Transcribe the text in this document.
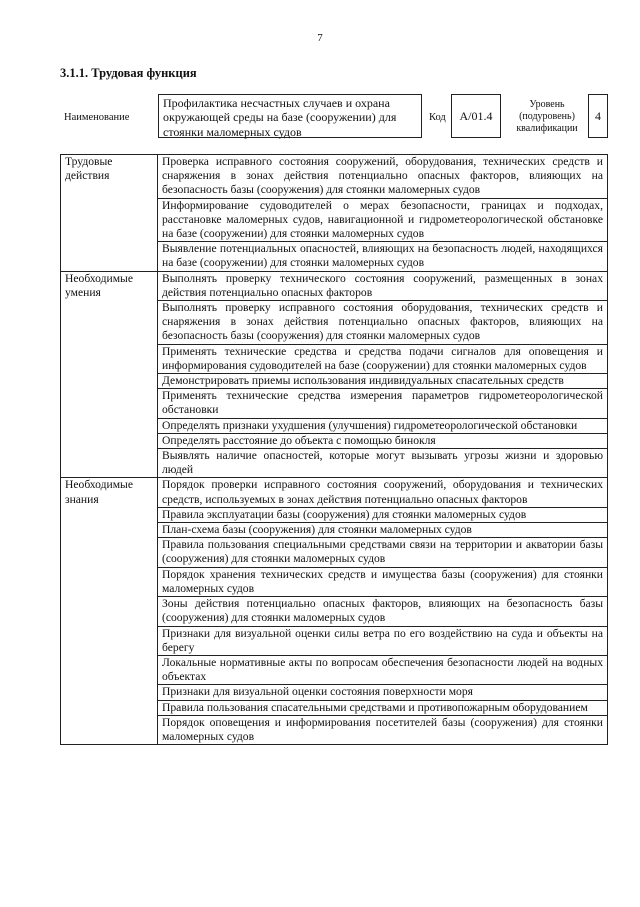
7
3.1.1. Трудовая функция
Наименование
Профилактика несчастных случаев и охрана окружающей среды на базе (сооружении) для стоянки маломерных судов
Код	А/01.4
Уровень (подуровень) квалификации
4
Трудовые действия	Проверка исправного состояния сооружений, оборудования, технических средств и снаряжения в зонах действия потенциально опасных факторов, влияющих на безопасность базы (сооружения) для стоянки маломерных судов
	Информирование судоводителей о мерах безопасности, границах и подходах, расстановке маломерных судов, навигационной и гидрометеорологической обстановке на базе (сооружении) для стоянки маломерных судов
	Выявление потенциальных опасностей, влияющих на безопасность людей, находящихся на базе (сооружении) для стоянки маломерных судов
Необходимые умения	Выполнять проверку технического состояния сооружений, размещенных в зонах действия потенциально опасных факторов
	Выполнять проверку исправного состояния оборудования, технических средств и снаряжения в зонах действия потенциально опасных факторов, влияющих на безопасность базы (сооружения) для стоянки маломерных судов
	Применять технические средства и средства подачи сигналов для оповещения и информирования судоводителей на базе (сооружении) для стоянки маломерных судов
	Демонстрировать приемы использования индивидуальных спасательных средств
	Применять технические средства измерения параметров гидрометеорологической обстановки
	Определять признаки ухудшения (улучшения) гидрометеорологической обстановки
	Определять расстояние до объекта с помощью бинокля
	Выявлять наличие опасностей, которые могут вызывать угрозы жизни и здоровью людей
Необходимые знания	Порядок проверки исправного состояния сооружений, оборудования и технических средств, используемых в зонах действия потенциально опасных факторов
	Правила эксплуатации базы (сооружения) для стоянки маломерных судов
	План-схема базы (сооружения) для стоянки маломерных судов
	Правила пользования специальными средствами связи на территории и акватории базы (сооружения) для стоянки маломерных судов
	Порядок хранения технических средств и имущества базы (сооружения) для стоянки маломерных судов
	Зоны действия потенциально опасных факторов, влияющих на безопасность базы (сооружения) для стоянки маломерных судов
	Признаки для визуальной оценки силы ветра по его воздействию на суда и объекты на берегу
	Локальные нормативные акты по вопросам обеспечения безопасности людей на водных объектах
	Признаки для визуальной оценки состояния поверхности моря
	Правила пользования спасательными средствами и противопожарным оборудованием
	Порядок оповещения и информирования посетителей базы (сооружения) для стоянки маломерных судов
